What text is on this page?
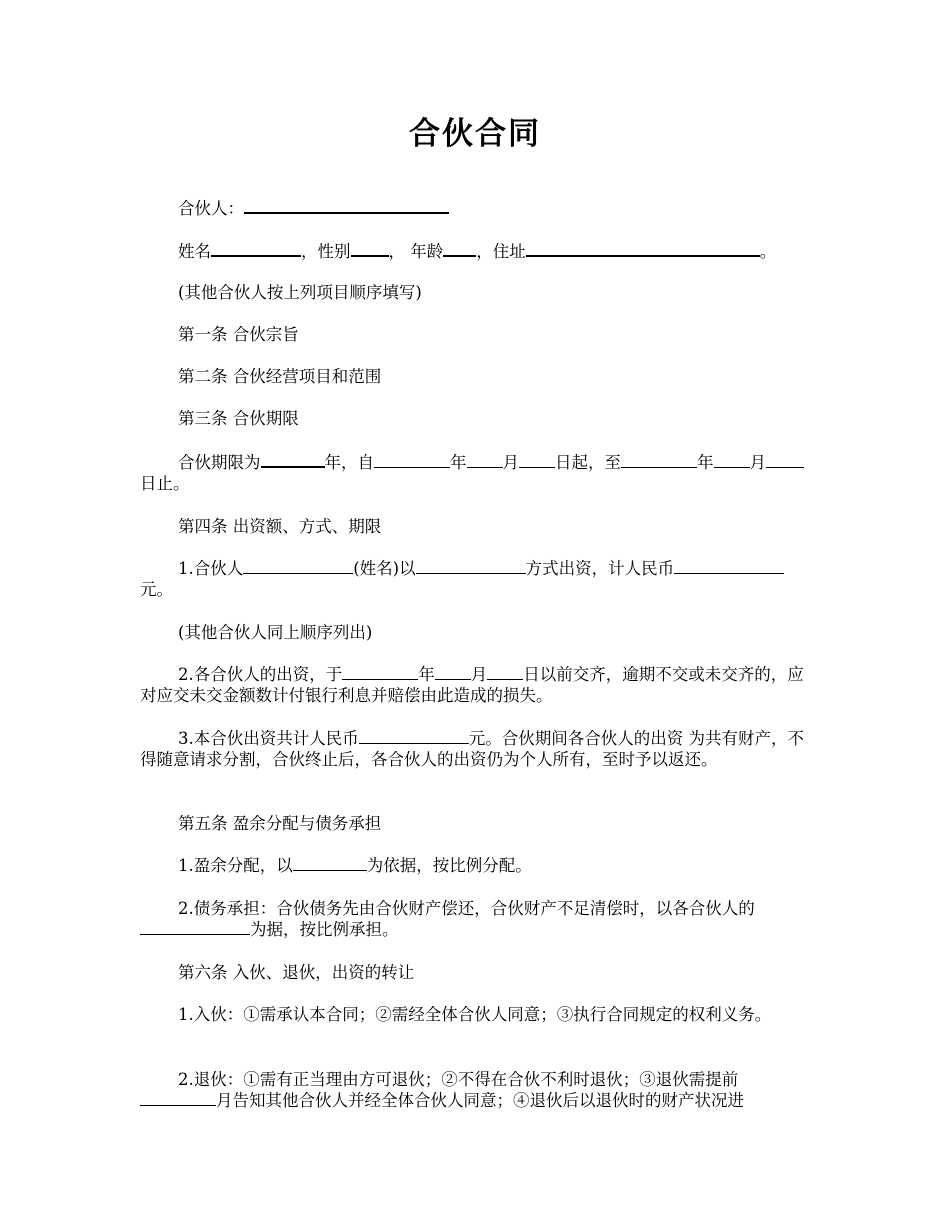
合伙合同
合伙人：
姓名	，性别 ， 年龄 ，住址	。
(其他合伙人按上列项目顺序填写)
第一条 合伙宗旨
第二条 合伙经营项目和范围
第三条 合伙期限
合伙期限为	年，自	年 月 日起，至	年 月日止。
第四条 出资额、方式、期限
1.合伙人	(姓名)以	方式出资，计人民币元。
(其他合伙人同上顺序列出)
2.各合伙人的出资，于	年 月 日以前交齐，逾期不交或未交齐的，应对应交未交金额数计付银行利息并赔偿由此造成的损失。
3.本合伙出资共计人民币	元。合伙期间各合伙人的出资 为共有财产，不得随意请求分割，合伙终止后，各合伙人的出资仍为个人所有，至时予以返还。
第五条 盈余分配与债务承担
1.盈余分配，以	为依据，按比例分配。
2.债务承担：合伙债务先由合伙财产偿还，合伙财产不足清偿时，以各合伙人的为据，按比例承担。
第六条 入伙、退伙，出资的转让
1.入伙：①需承认本合同；②需经全体合伙人同意；③执行合同规定的权利义务。
2.退伙：①需有正当理由方可退伙；②不得在合伙不利时退伙；③退伙需提前月告知其他合伙人并经全体合伙人同意；④退伙后以退伙时的财产状况进
